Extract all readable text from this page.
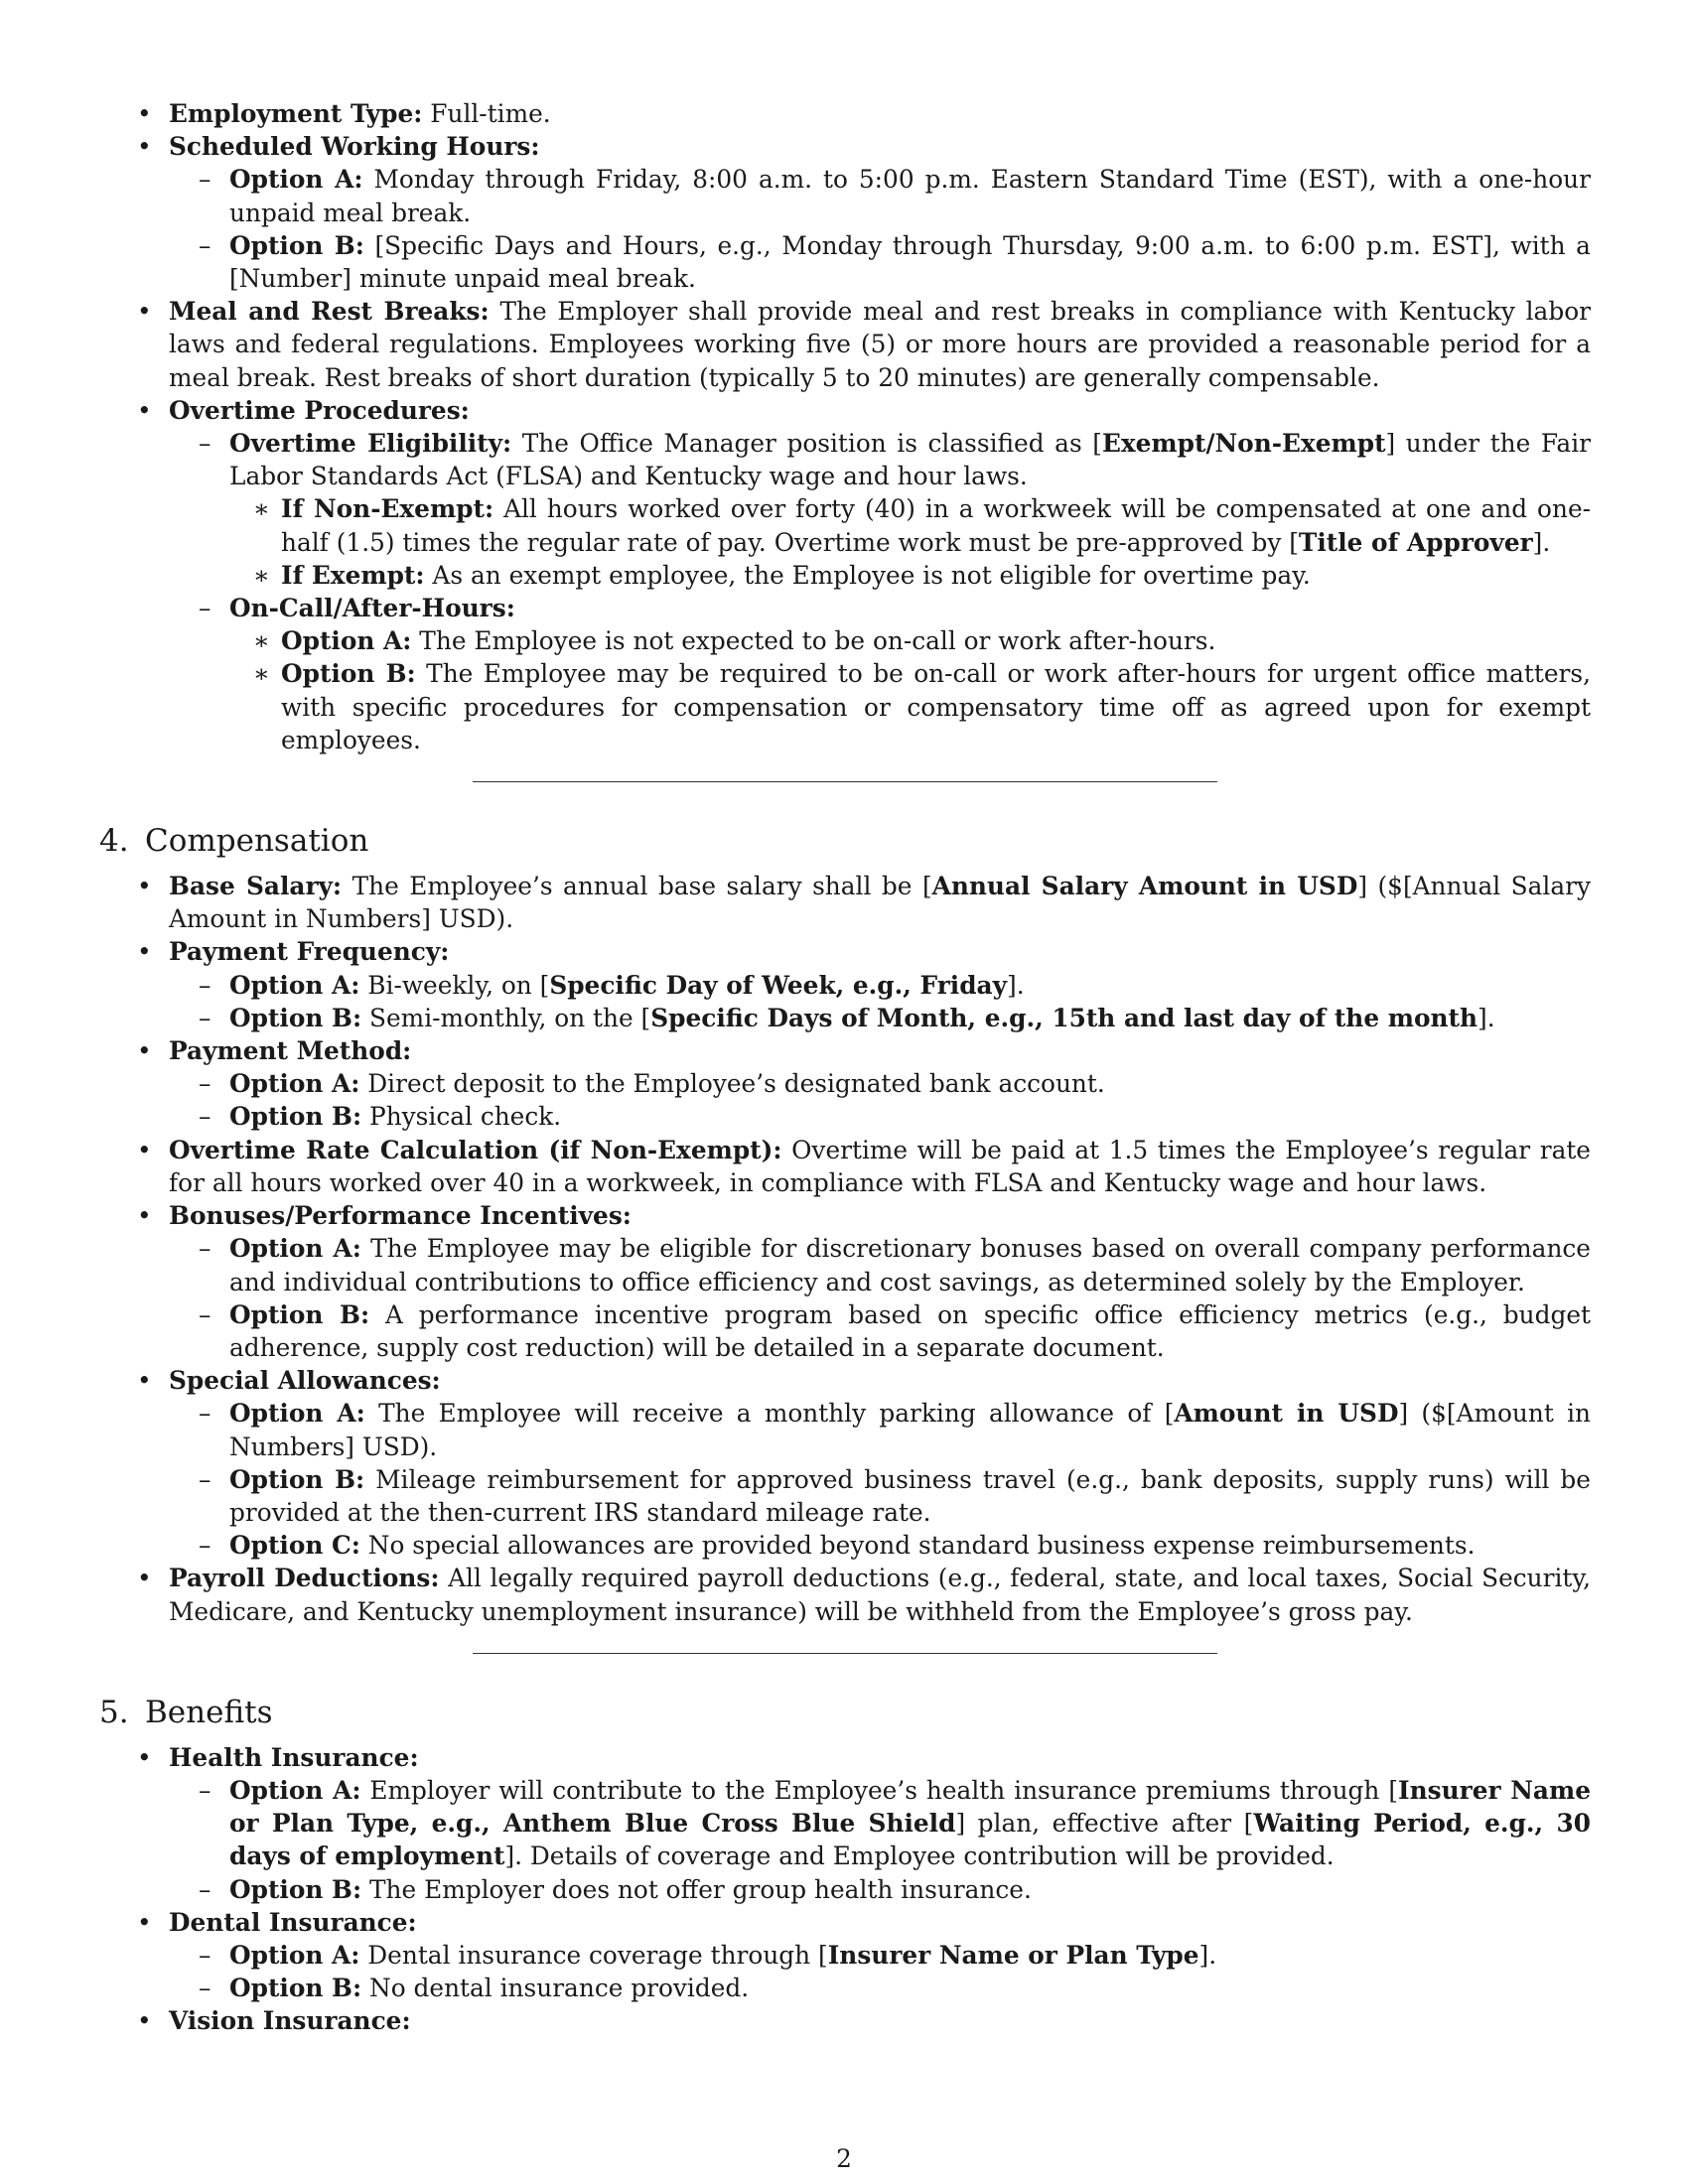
• Employment Type: Full-time.
• Scheduled Working Hours:
– Option A: Monday through Friday, 8:00 a.m. to 5:00 p.m. Eastern Standard Time (EST), with a one-hour unpaid meal break.
– Option B: [Specific Days and Hours, e.g., Monday through Thursday, 9:00 a.m. to 6:00 p.m. EST], with a [Number] minute unpaid meal break.
• Meal and Rest Breaks: The Employer shall provide meal and rest breaks in compliance with Kentucky labor laws and federal regulations. Employees working five (5) or more hours are provided a reasonable period for a meal break. Rest breaks of short duration (typically 5 to 20 minutes) are generally compensable.
• Overtime Procedures:
– Overtime Eligibility: The Office Manager position is classified as [Exempt/Non-Exempt] under the Fair Labor Standards Act (FLSA) and Kentucky wage and hour laws.
∗ If Non-Exempt: All hours worked over forty (40) in a workweek will be compensated at one and one-half (1.5) times the regular rate of pay. Overtime work must be pre-approved by [Title of Approver].
∗ If Exempt: As an exempt employee, the Employee is not eligible for overtime pay.
– On-Call/After-Hours:
∗ Option A: The Employee is not expected to be on-call or work after-hours.
∗ Option B: The Employee may be required to be on-call or work after-hours for urgent office matters, with specific procedures for compensation or compensatory time off as agreed upon for exempt employees.
4. Compensation
• Base Salary: The Employee’s annual base salary shall be [Annual Salary Amount in USD] ($[Annual Salary Amount in Numbers] USD).
• Payment Frequency:
– Option A: Bi-weekly, on [Specific Day of Week, e.g., Friday].
– Option B: Semi-monthly, on the [Specific Days of Month, e.g., 15th and last day of the month].
• Payment Method:
– Option A: Direct deposit to the Employee’s designated bank account.
– Option B: Physical check.
• Overtime Rate Calculation (if Non-Exempt): Overtime will be paid at 1.5 times the Employee’s regular rate for all hours worked over 40 in a workweek, in compliance with FLSA and Kentucky wage and hour laws.
• Bonuses/Performance Incentives:
– Option A: The Employee may be eligible for discretionary bonuses based on overall company performance and individual contributions to office efficiency and cost savings, as determined solely by the Employer.
– Option B: A performance incentive program based on specific office efficiency metrics (e.g., budget adherence, supply cost reduction) will be detailed in a separate document.
• Special Allowances:
– Option A: The Employee will receive a monthly parking allowance of [Amount in USD] ($[Amount in Numbers] USD).
– Option B: Mileage reimbursement for approved business travel (e.g., bank deposits, supply runs) will be provided at the then-current IRS standard mileage rate.
– Option C: No special allowances are provided beyond standard business expense reimbursements.
• Payroll Deductions: All legally required payroll deductions (e.g., federal, state, and local taxes, Social Security, Medicare, and Kentucky unemployment insurance) will be withheld from the Employee’s gross pay.
5. Benefits
• Health Insurance:
– Option A: Employer will contribute to the Employee’s health insurance premiums through [Insurer Name or Plan Type, e.g., Anthem Blue Cross Blue Shield] plan, effective after [Waiting Period, e.g., 30 days of employment]. Details of coverage and Employee contribution will be provided.
– Option B: The Employer does not offer group health insurance.
• Dental Insurance:
– Option A: Dental insurance coverage through [Insurer Name or Plan Type].
– Option B: No dental insurance provided.
• Vision Insurance:
2
